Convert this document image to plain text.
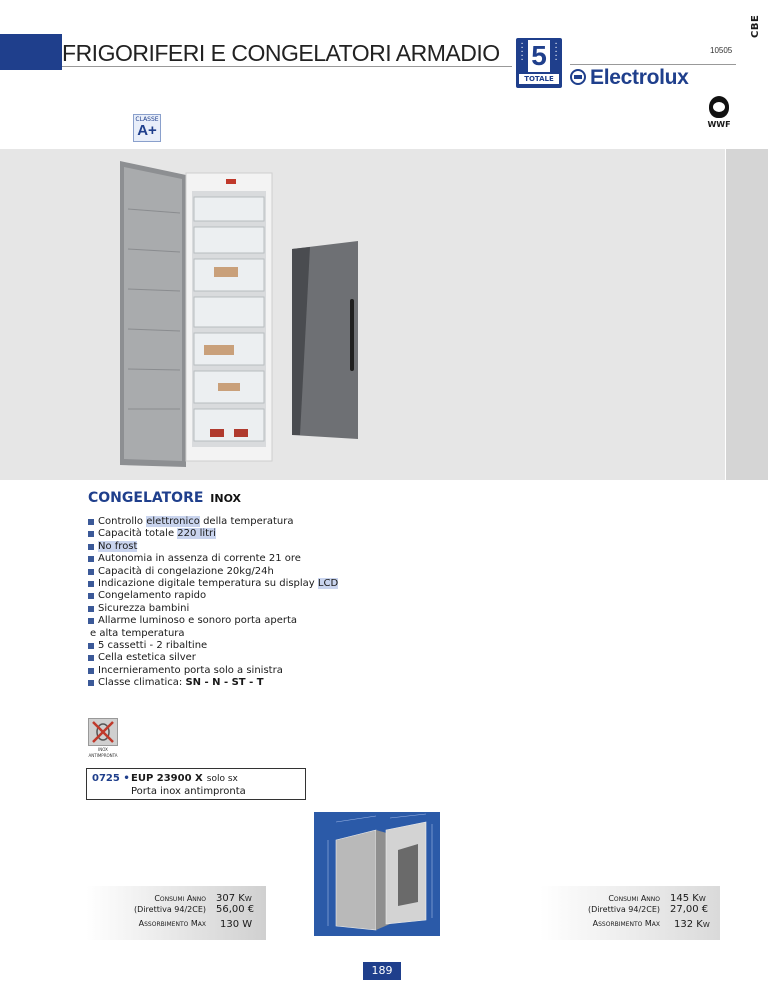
CBE
FRIGORIFERI E CONGELATORI ARMADIO	10505
•
•
•
•
• 5	•
•
•
•
•
TOTALE Electrolux
WWF
CLASSE
A+
CONGELATORE INOX
Controllo elettronico della temperatura
Capacità totale 220 litri
No frost
Autonomia in assenza di corrente 21 ore
Capacità di congelazione 20kg/24h
Indicazione digitale temperatura su display LCD
Congelamento rapido
Sicurezza bambini
Allarme luminoso e sonoro porta aperta
e alta temperatura
5 cassetti - 2 ribaltine
Cella estetica silver
Incernieramento porta solo a sinistra
Classe climatica: SN - N - ST - T
INOX
ANTIMPRONTA
0725 • EUP 23900 X solo sx
Porta inox antimpronta
Consumi Anno
(Direttiva 94/2CE)
Assorbimento Max
307 Kw
56,00 €
130 W
Consumi Anno
(Direttiva 94/2CE)
Assorbimento Max
145 Kw
27,00 €
132 Kw
189
